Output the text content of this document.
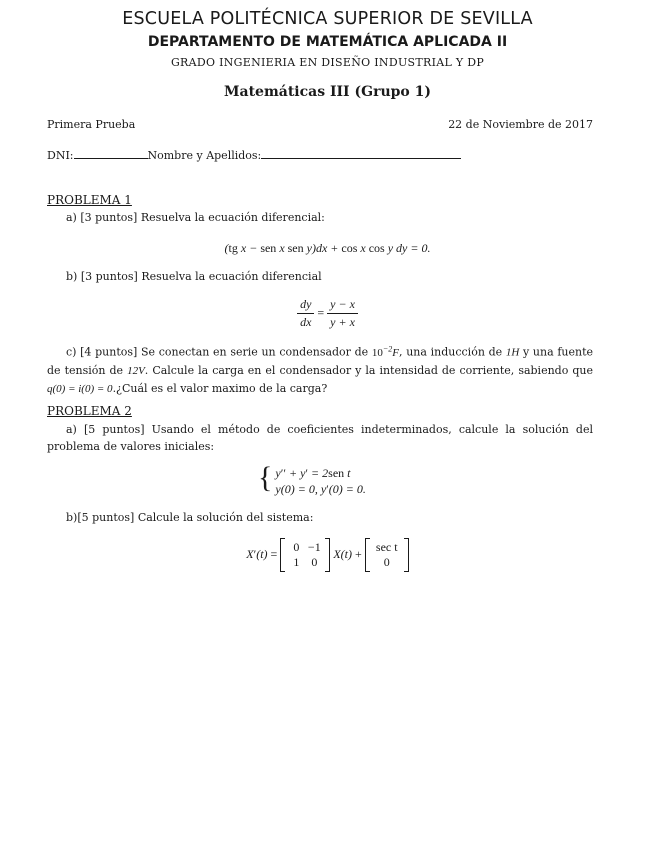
ESCUELA POLITÉCNICA SUPERIOR DE SEVILLA
DEPARTAMENTO DE MATEMÁTICA APLICADA II
GRADO INGENIERIA EN DISEÑO INDUSTRIAL Y DP
Matemáticas III (Grupo 1)
Primera Prueba	22 de Noviembre de 2017
DNI:	Nombre y Apellidos:
PROBLEMA 1
a) [3 puntos] Resuelva la ecuación diferencial:
(tg x − sen x sen y)dx + cos x cos y dy = 0.
b) [3 puntos] Resuelva la ecuación diferencial
$\frac{dy}{dx} = \frac{y - x}{y + x}$
c) [4 puntos] Se conectan en serie un condensador de $10^{-2}F$, una inducción de 1H y una fuente de tensión de 12V. Calcule la carga en el condensador y la intensidad de corriente, sabiendo que q(0) = i(0) = 0.¿Cuál es el valor maximo de la carga?
PROBLEMA 2
a) [5 puntos] Usando el método de coeficientes indeterminados, calcule la solución del problema de valores iniciales:
{ y′′ + y′ = 2sen t
y(0) = 0, y′(0) = 0.
b)[5 puntos] Calcule la solución del sistema:
X′(t) =	0 −1
1 0
X(t) +	sec t
0
